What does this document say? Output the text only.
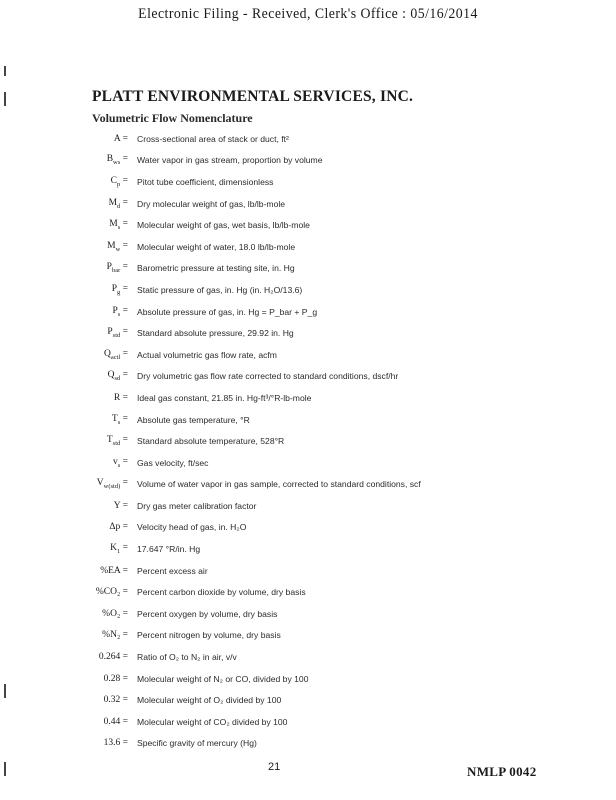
Electronic Filing - Received, Clerk's Office : 05/16/2014
PLATT ENVIRONMENTAL SERVICES, INC.
Volumetric Flow Nomenclature
A = Cross-sectional area of stack or duct, ft²
$B_{ws}$ = Water vapor in gas stream, proportion by volume
$C_p$ = Pitot tube coefficient, dimensionless
$M_d$ = Dry molecular weight of gas, lb/lb-mole
$M_s$ = Molecular weight of gas, wet basis, lb/lb-mole
$M_w$ = Molecular weight of water, 18.0 lb/lb-mole
$P_{bar}$ = Barometric pressure at testing site, in. Hg
$P_g$ = Static pressure of gas, in. Hg (in. H₂O/13.6)
$P_s$ = Absolute pressure of gas, in. Hg = P_bar + P_g
$P_{std}$ = Standard absolute pressure, 29.92 in. Hg
$Q_{actl}$ = Actual volumetric gas flow rate, acfm
$Q_{sd}$ = Dry volumetric gas flow rate corrected to standard conditions, dscf/hr
R = Ideal gas constant, 21.85 in. Hg-ft³/°R-lb-mole
$T_s$ = Absolute gas temperature, °R
$T_{std}$ = Standard absolute temperature, 528°R
$v_s$ = Gas velocity, ft/sec
$V_{w(std)}$ = Volume of water vapor in gas sample, corrected to standard conditions, scf
Y = Dry gas meter calibration factor
Δp = Velocity head of gas, in. H₂O
$K_1 = 17.647$ °R/in. Hg
%EA = Percent excess air
%CO₂ = Percent carbon dioxide by volume, dry basis
%O₂ = Percent oxygen by volume, dry basis
%N₂ = Percent nitrogen by volume, dry basis
0.264 = Ratio of O₂ to N₂ in air, v/v
0.28 = Molecular weight of N₂ or CO, divided by 100
0.32 = Molecular weight of O₂ divided by 100
0.44 = Molecular weight of CO₂ divided by 100
13.6 = Specific gravity of mercury (Hg)
21	NMLP 0042
